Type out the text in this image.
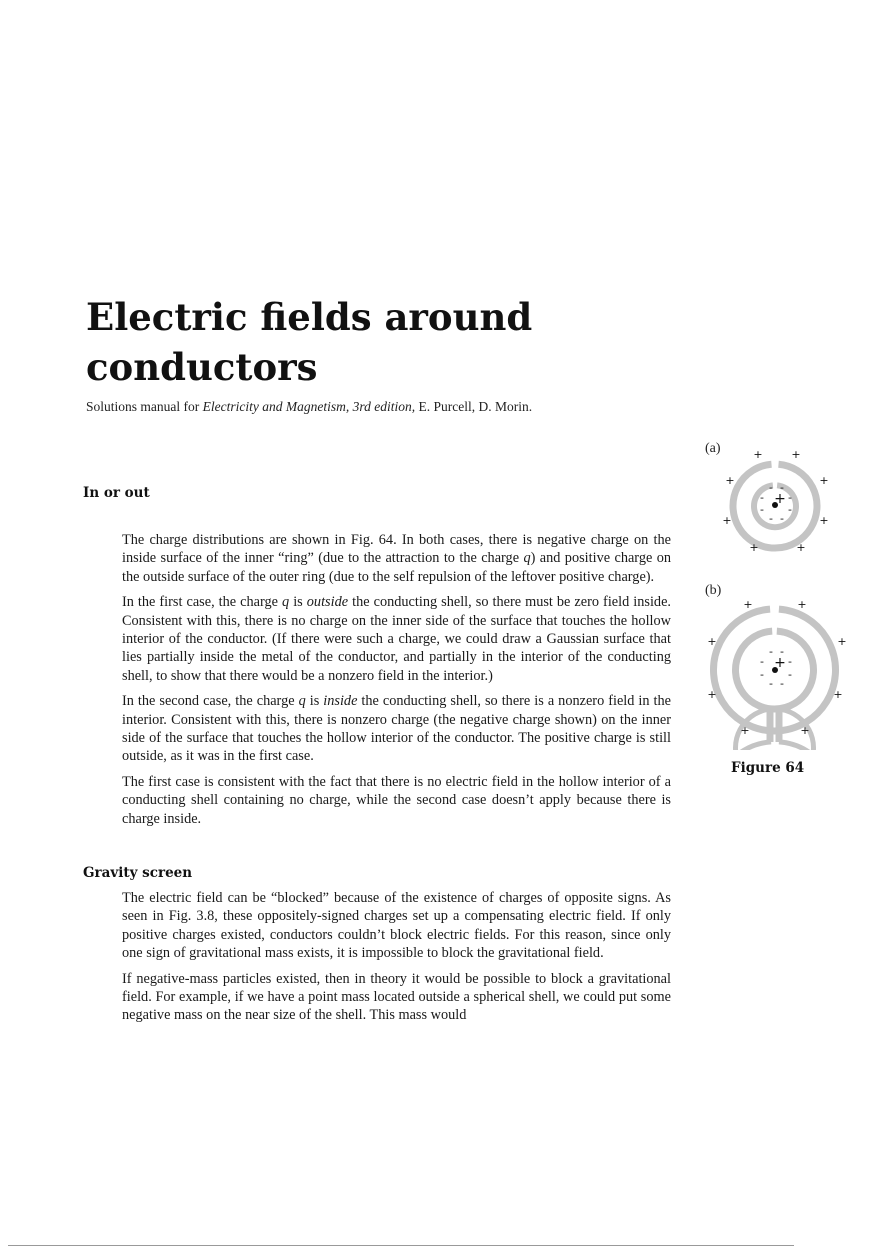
Electric fields around conductors
Solutions manual for Electricity and Magnetism, 3rd edition, E. Purcell, D. Morin.
In or out

The charge distributions are shown in Fig. 64. In both cases, there is negative charge on the inside surface of the inner “ring” (due to the attraction to the charge q) and positive charge on the outside surface of the outer ring (due to the self repulsion of the leftover positive charge).

In the first case, the charge q is outside the conducting shell, so there must be zero field inside. Consistent with this, there is no charge on the inner side of the surface that touches the hollow interior of the conductor. (If there were such a charge, we could draw a Gaussian surface that lies partially inside the metal of the conductor, and partially in the interior of the conducting shell, to show that there would be a nonzero field in the interior.)

In the second case, the charge q is inside the conducting shell, so there is a nonzero field in the interior. Consistent with this, there is nonzero charge (the negative charge shown) on the inner side of the surface that touches the hollow interior of the conductor. The positive charge is still outside, as it was in the first case.

The first case is consistent with the fact that there is no electric field in the hollow interior of a conducting shell containing no charge, while the second case doesn’t apply because there is charge inside.

Gravity screen

The electric field can be “blocked” because of the existence of charges of opposite signs. As seen in Fig. 3.8, these oppositely-signed charges set up a compensating electric field. If only positive charges existed, conductors couldn’t block electric fields. For this reason, since only one sign of gravitational mass exists, it is impossible to block the gravitational field.

If negative-mass particles existed, then in theory it would be possible to block a gravitational field. For example, if we have a point mass located outside a spherical shell, we could put some negative mass on the near size of the shell. This mass would

(a)
(b)
+
+	+
+	+
+	+
+	+
- -
- -
- -
- -
+
+	+
+	+
+	+
+	+
- -
- -
- -
- -
Figure 64
